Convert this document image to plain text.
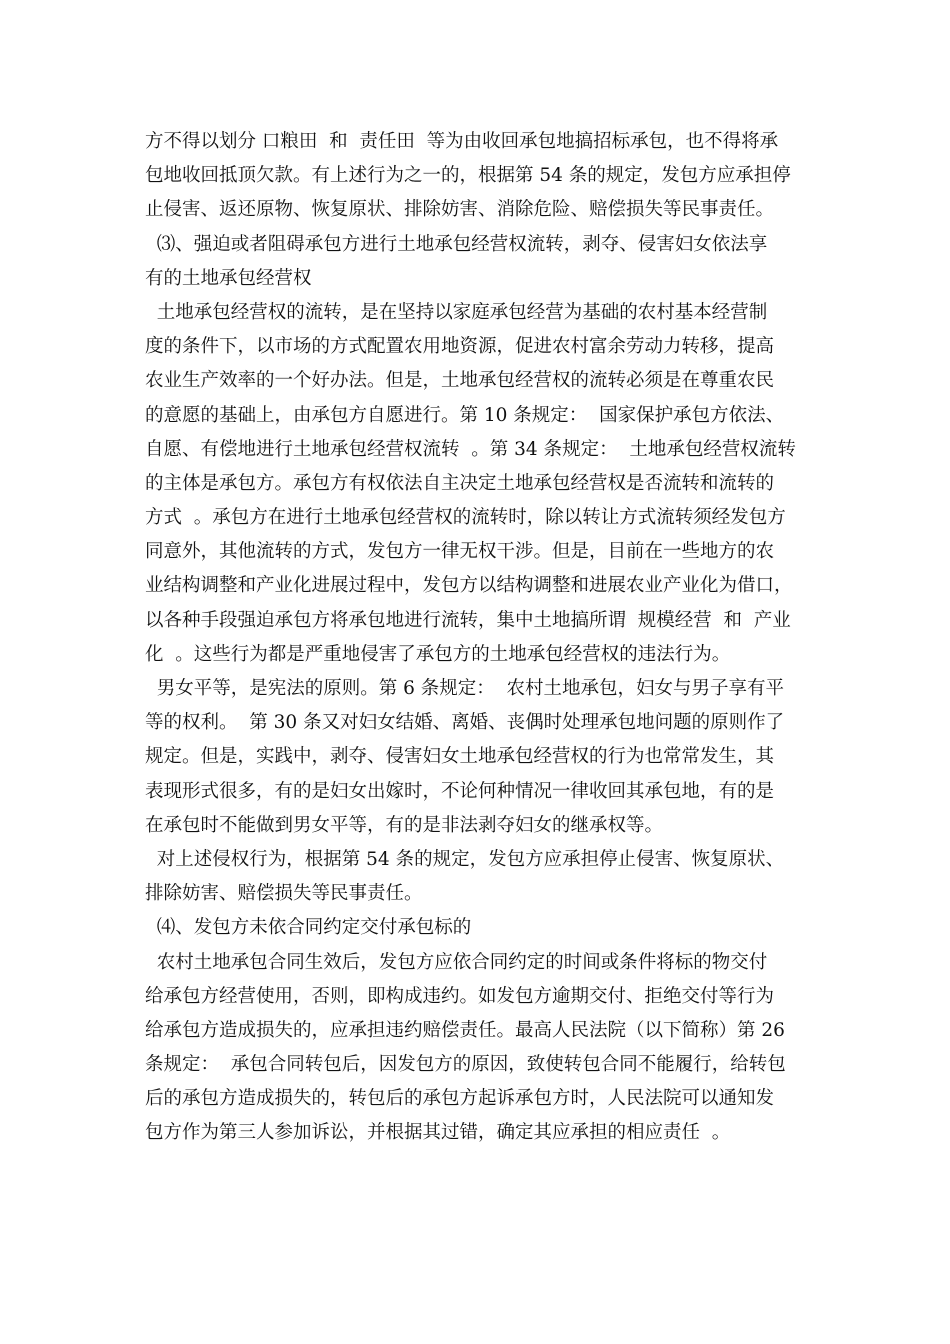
方不得以划分 口粮田  和  责任田  等为由收回承包地搞招标承包，也不得将承
包地收回抵顶欠款。有上述行为之一的，根据第 54 条的规定，发包方应承担停
止侵害、返还原物、恢复原状、排除妨害、消除危险、赔偿损失等民事责任。
⑶、强迫或者阻碍承包方进行土地承包经营权流转，剥夺、侵害妇女依法享
有的土地承包经营权
土地承包经营权的流转，是在坚持以家庭承包经营为基础的农村基本经营制
度的条件下，以市场的方式配置农用地资源，促进农村富余劳动力转移，提高
农业生产效率的一个好办法。但是，土地承包经营权的流转必须是在尊重农民
的意愿的基础上，由承包方自愿进行。第 10 条规定：  国家保护承包方依法、
自愿、有偿地进行土地承包经营权流转  。第 34 条规定：  土地承包经营权流转
的主体是承包方。承包方有权依法自主决定土地承包经营权是否流转和流转的
方式  。承包方在进行土地承包经营权的流转时，除以转让方式流转须经发包方
同意外，其他流转的方式，发包方一律无权干涉。但是，目前在一些地方的农
业结构调整和产业化进展过程中，发包方以结构调整和进展农业产业化为借口，
以各种手段强迫承包方将承包地进行流转，集中土地搞所谓  规模经营  和  产业
化  。这些行为都是严重地侵害了承包方的土地承包经营权的违法行为。
男女平等，是宪法的原则。第 6 条规定：  农村土地承包，妇女与男子享有平
等的权利。  第 30 条又对妇女结婚、离婚、丧偶时处理承包地问题的原则作了
规定。但是，实践中，剥夺、侵害妇女土地承包经营权的行为也常常发生，其
表现形式很多，有的是妇女出嫁时，不论何种情况一律收回其承包地，有的是
在承包时不能做到男女平等，有的是非法剥夺妇女的继承权等。
对上述侵权行为，根据第 54 条的规定，发包方应承担停止侵害、恢复原状、
排除妨害、赔偿损失等民事责任。
⑷、发包方未依合同约定交付承包标的
农村土地承包合同生效后，发包方应依合同约定的时间或条件将标的物交付
给承包方经营使用，否则，即构成违约。如发包方逾期交付、拒绝交付等行为
给承包方造成损失的，应承担违约赔偿责任。最高人民法院（以下简称）第 26
条规定：  承包合同转包后，因发包方的原因，致使转包合同不能履行，给转包
后的承包方造成损失的，转包后的承包方起诉承包方时，人民法院可以通知发
包方作为第三人参加诉讼，并根据其过错，确定其应承担的相应责任  。
